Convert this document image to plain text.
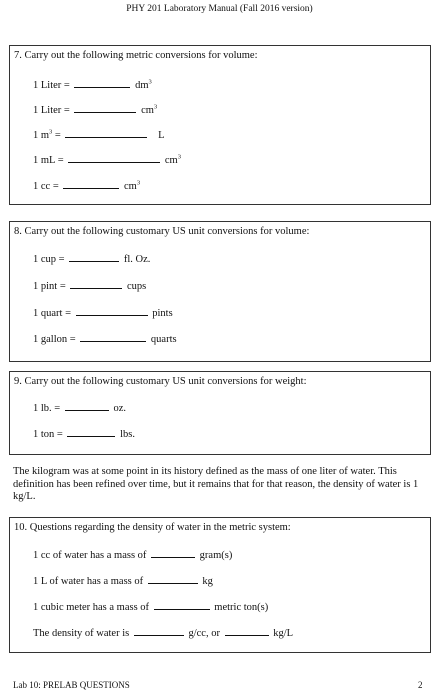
PHY 201 Laboratory Manual (Fall 2016 version)
7. Carry out the following metric conversions for volume:
1 Liter =	$dm^3$
1 Liter =	$cm^3$
1 $m^3$ =	L
1 mL =	$cm^3$
1 cc =	$cm^3$
8. Carry out the following customary US unit conversions for volume:
1 cup =	fl. Oz.
1 pint =	cups
1 quart =	pints
1 gallon =	quarts
9. Carry out the following customary US unit conversions for weight:
1 lb. =	oz.
1 ton =	lbs.
The kilogram was at some point in its history defined as the mass of one liter of water. This definition has been refined over time, but it remains that for that reason, the density of water is 1 kg/L.
10. Questions regarding the density of water in the metric system:
1 cc of water has a mass of	gram(s)
1 L of water has a mass of	kg
1 cubic meter has a mass of	metric ton(s)
The density of water is	g/cc, or	kg/L
Lab 10: PRELAB QUESTIONS	2
